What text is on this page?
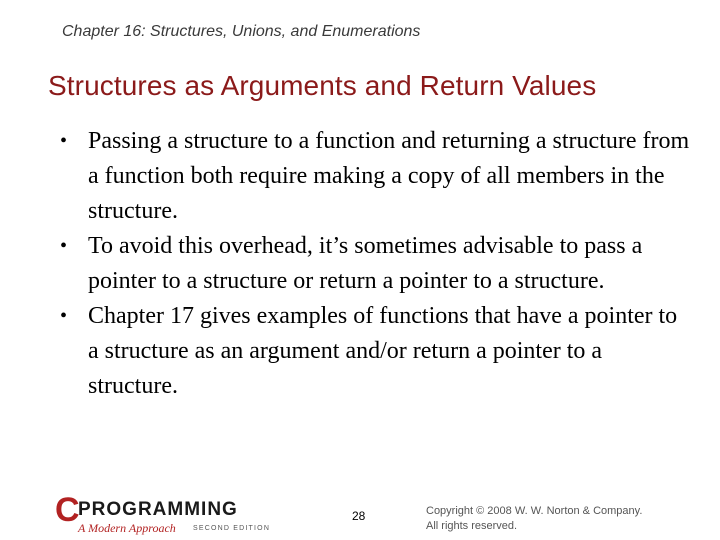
Chapter 16: Structures, Unions, and Enumerations
Structures as Arguments and Return Values
• Passing a structure to a function and returning a structure from a function both require making a copy of all members in the structure.
• To avoid this overhead, it’s sometimes advisable to pass a pointer to a structure or return a pointer to a structure.
• Chapter 17 gives examples of functions that have a pointer to a structure as an argument and/or return a pointer to a structure.
C
PROGRAMMING
A Modern Approach SECOND EDITION
28	Copyright © 2008 W. W. Norton & Company.
All rights reserved.
